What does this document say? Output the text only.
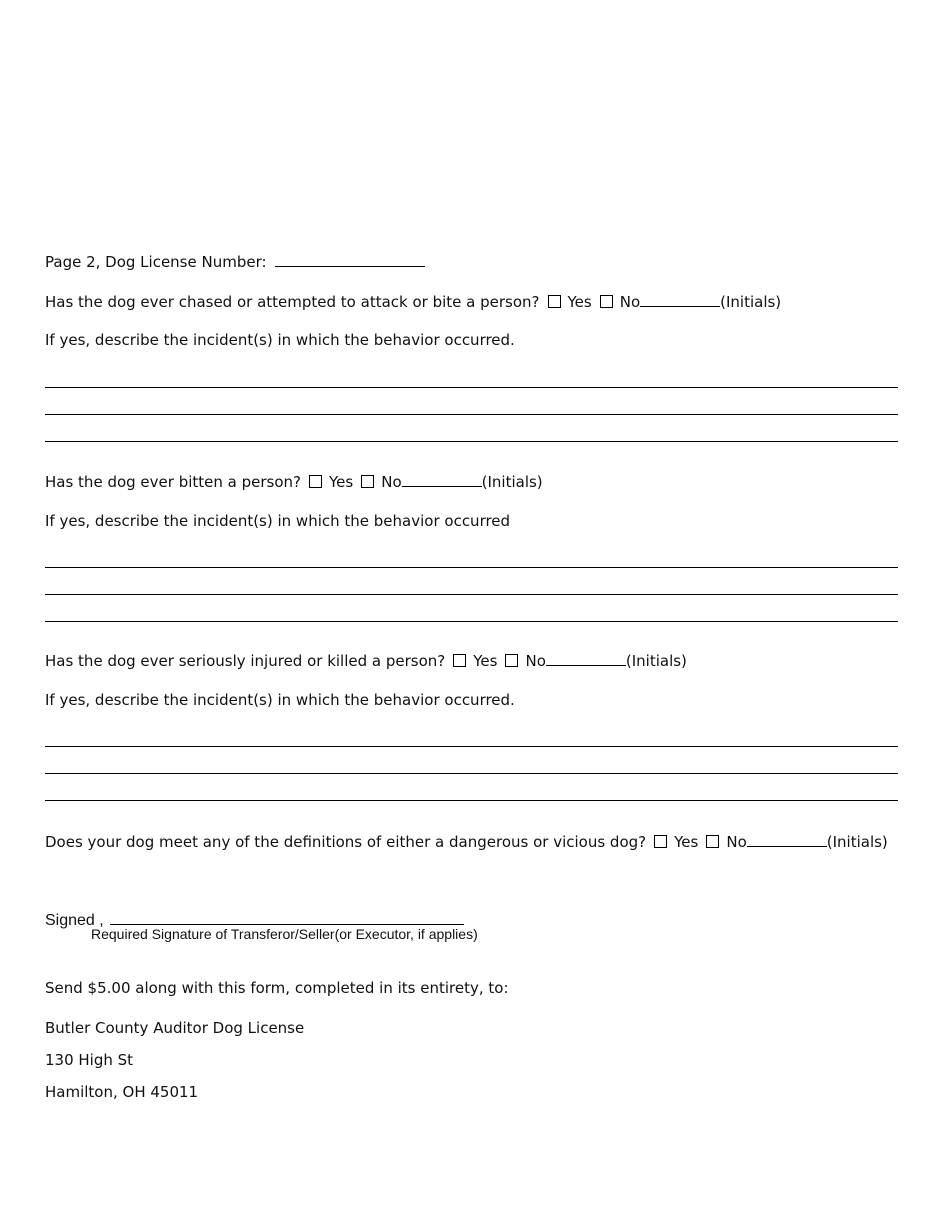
Page 2, Dog License Number:
Has the dog ever chased or attempted to attack or bite a person? Yes No	(Initials)
If yes, describe the incident(s) in which the behavior occurred.
Has the dog ever bitten a person? Yes No	(Initials)
If yes, describe the incident(s) in which the behavior occurred
Has the dog ever seriously injured or killed a person? Yes No	(Initials)
If yes, describe the incident(s) in which the behavior occurred.
Does your dog meet any of the definitions of either a dangerous or vicious dog? Yes No	(Initials)
Signed ,
Required Signature of Transferor/Seller(or Executor, if applies)
Send $5.00 along with this form, completed in its entirety, to:
Butler County Auditor Dog License
130 High St
Hamilton, OH 45011
